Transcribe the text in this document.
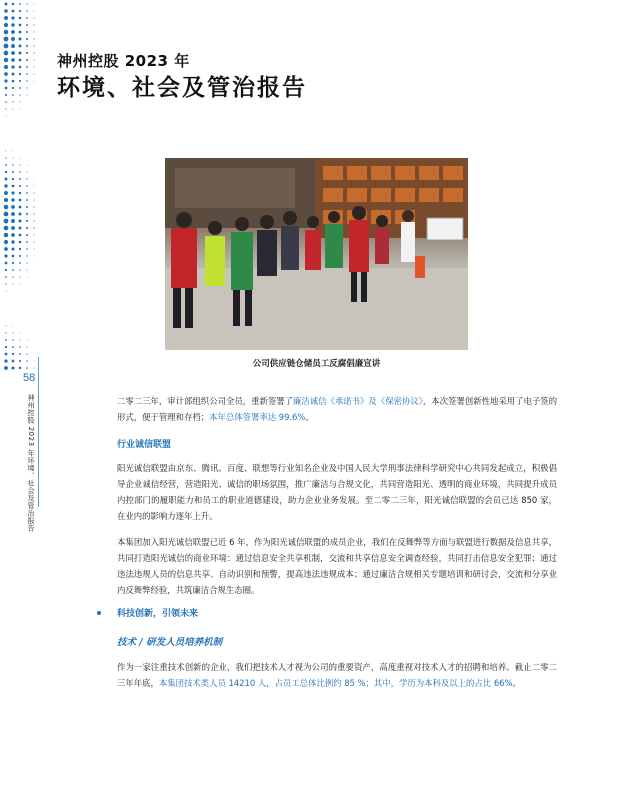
神州控股 2023 年
环境、社会及管治报告
58
神州控股 2023 年环境、社会及管治报告
公司供应链仓储员工反腐倡廉宣讲
二零二三年，审计部组织公司全员，重新签署了廉洁诚信《承诺书》及《保密协议》，本次签署创新性地采用了电子签的形式，便于管理和存档；本年总体签署率达 99.6%。
行业诚信联盟
阳光诚信联盟由京东、腾讯、百度、联想等行业知名企业及中国人民大学刑事法律科学研究中心共同发起成立，积极倡导企业诚信经营，营造阳光、诚信的职场氛围，推广廉洁与合规文化，共同营造阳光、透明的商业环境，共同提升成员内控部门的履职能力和员工的职业道德建设，助力企业业务发展。至二零二三年，阳光诚信联盟的会员已达 850 家，在业内的影响力逐年上升。
本集团加入阳光诚信联盟已近 6 年，作为阳光诚信联盟的成员企业，我们在反舞弊等方面与联盟进行数据及信息共享，共同打造阳光诚信的商业环境：通过信息安全共享机制，交流和共享信息安全调查经验，共同打击信息安全犯罪；通过违法违规人员的信息共享、自动识别和预警，提高违法违规成本；通过廉洁合规相关专题培训和研讨会，交流和分享业内反舞弊经验，共筑廉洁合规生态圈。
科技创新，引领未来
技术 / 研发人员培养机制
作为一家注重技术创新的企业，我们把技术人才视为公司的重要资产，高度重视对技术人才的招聘和培养。截止二零二三年年底，本集团技术类人员 14210 人，占员工总体比例约 85 %；其中，学历为本科及以上的占比 66%。
